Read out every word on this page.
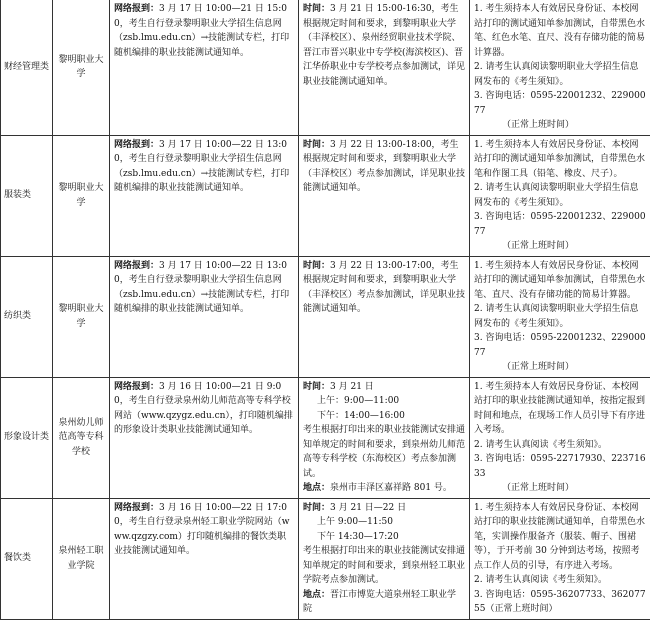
财经管理类	黎明职业大学	网络报到：3 月 17 日 10:00—21 日 15:00，考生自行登录黎明职业大学招生信息网（zsb.lmu.edu.cn）→技能测试专栏，打印随机编排的职业技能测试通知单。	时间：3 月 21 日 15:00-16:30，考生根据规定时间和要求，到黎明职业大学（丰泽校区）、泉州经贸职业技术学院、晋江市晋兴职业中专学校(海滨校区)、晋江华侨职业中专学校考点参加测试，详见职业技能测试通知单。	1. 考生须持本人有效居民身份证、本校网站打印的测试通知单参加测试，自带黑色水笔、红色水笔、直尺、没有存储功能的简易计算器。
2. 请考生认真阅读黎明职业大学招生信息网发布的《考生须知》。
3. 咨询电话：0595-22001232、22900077
（正常上班时间）

服装类	黎明职业大学	网络报到：3 月 17 日 10:00—22 日 13:00，考生自行登录黎明职业大学招生信息网（zsb.lmu.edu.cn）→技能测试专栏，打印随机编排的职业技能测试通知单。	时间：3 月 22 日 13:00-18:00，考生根据规定时间和要求，到黎明职业大学（丰泽校区）考点参加测试，详见职业技能测试通知单。	1. 考生须持本人有效居民身份证、本校网站打印的测试通知单参加测试，自带黑色水笔和作图工具（铅笔、橡皮、尺子）。
2. 请考生认真阅读黎明职业大学招生信息网发布的《考生须知》。
3. 咨询电话：0595-22001232、22900077
（正常上班时间）

纺织类	黎明职业大学	网络报到：3 月 17 日 10:00—22 日 13:00，考生自行登录黎明职业大学招生信息网（zsb.lmu.edu.cn）→技能测试专栏，打印随机编排的职业技能测试通知单。	时间：3 月 22 日 13:00-17:00，考生根据规定时间和要求，到黎明职业大学（丰泽校区）考点参加测试，详见职业技能测试通知单。	1. 考生须持本人有效居民身份证、本校网站打印的测试通知单参加测试，自带黑色水笔、直尺、没有存储功能的简易计算器。
2. 请考生认真阅读黎明职业大学招生信息网发布的《考生须知》。
3. 咨询电话：0595-22001232、22900077
（正常上班时间）

形象设计类	泉州幼儿师范高等专科学校	网络报到：3 月 16 日 10:00—21 日 9:00，考生自行登录泉州幼儿师范高等专科学校网站（www.qzygz.edu.cn），打印随机编排的形象设计类职业技能测试通知单。	时间：3 月 21 日
上午：9:00—11:00
下午：14:00—16:00
考生根据打印出来的职业技能测试安排通知单规定的时间和要求，到泉州幼儿师范高等专科学校（东海校区）考点参加测试。
地点：泉州市丰泽区嘉祥路 801 号。	1. 考生须持本人有效居民身份证、本校网站打印的职业技能测试通知单，按指定报到时间和地点，在现场工作人员引导下有序进入考场。
2. 请考生认真阅读《考生须知》。
3. 咨询电话：0595-22717930、22371633
（正常上班时间）

餐饮类	泉州轻工职业学院	网络报到：3 月 16 日 10:00—22 日 17:00，考生自行登录泉州轻工职业学院网站（www.qzgzy.com）打印随机编排的餐饮类职业技能测试通知单。	时间：3 月 21 日—22 日
上午 9:00—11:50
下午 14:30—17:20
考生根据打印出来的职业技能测试安排通知单规定的时间和要求，到泉州轻工职业学院考点参加测试。
地点：晋江市博览大道泉州轻工职业学院	1. 考生须持本人有效居民身份证、本校网站打印的职业技能测试通知单，自带黑色水笔，实训操作服备齐（服装、帽子、围裙等），于开考前 30 分钟到达考场，按照考点工作人员的引导，有序进入考场。
2. 请考生认真阅读《考生须知》。
3. 咨询电话：0595-36207733、36207755（正常上班时间）
